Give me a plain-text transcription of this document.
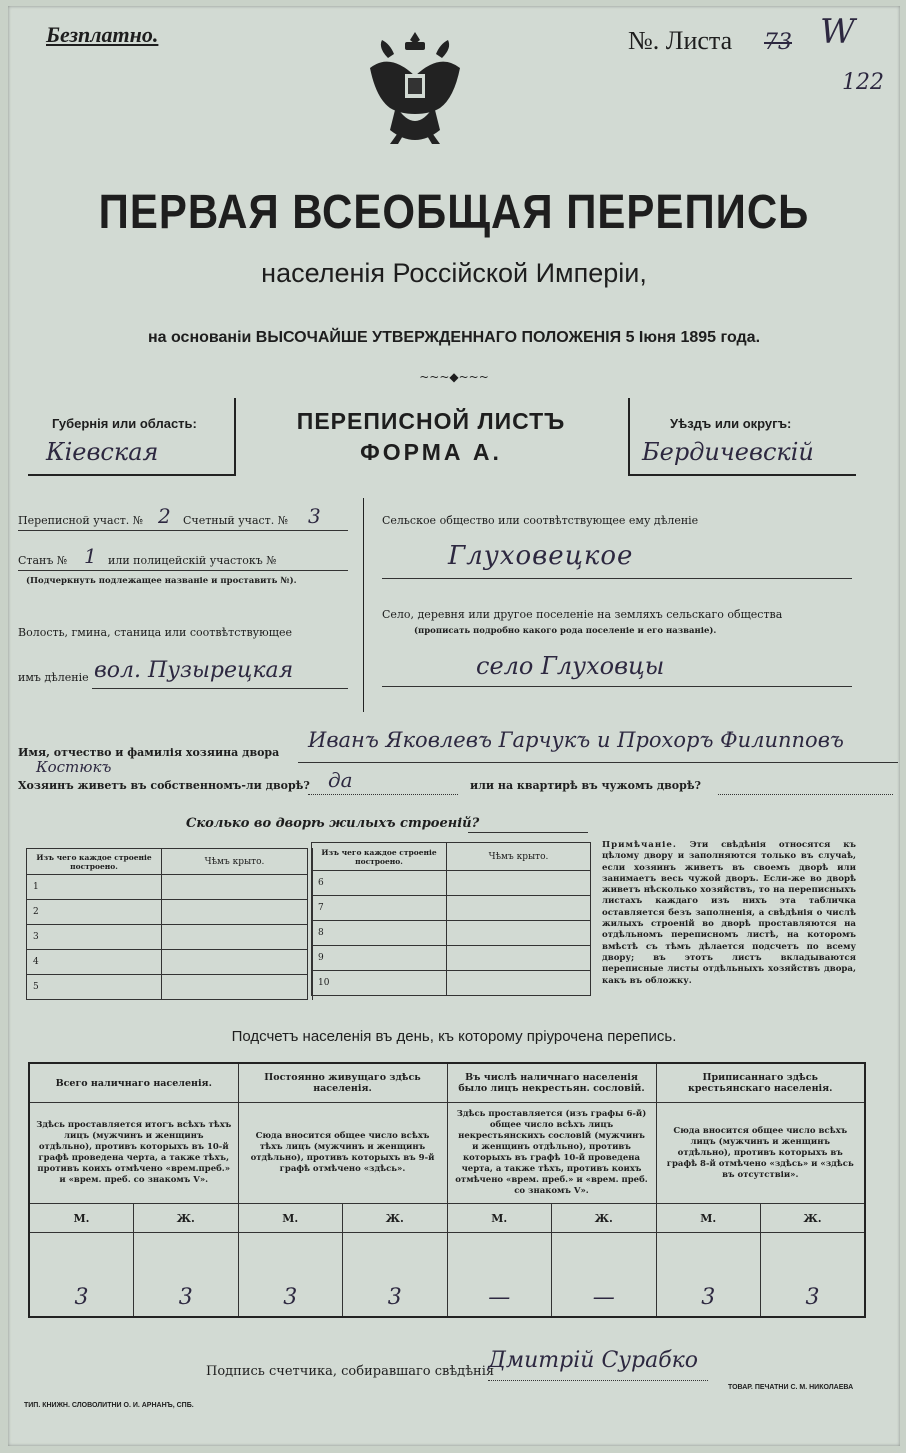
Безплатно.	№. Листа 73 W
122
ПЕРВАЯ ВСЕОБЩАЯ ПЕРЕПИСЬ
населенія Россійской Имперіи,
на основаніи ВЫСОЧАЙШЕ УТВЕРЖДЕННАГО ПОЛОЖЕНІЯ 5 Іюня 1895 года.
~~~◆~~~
Губернія или область:
Кіевская
ПЕРЕПИСНОЙ ЛИСТЪ
ФОРМА А.
Уѣздъ или округъ:
Бердичевскій
Переписной участ. № 2 Счетный участ. № 3
Станъ № 1 или полицейскій участокъ №
(Подчеркнуть подлежащее названіе и проставить №).
Волость, гмина, станица или соотвѣтствующее
имъ дѣленіе вол. Пузырецкая
Сельское общество или соотвѣтствующее ему дѣленіе
Глуховецкое
Село, деревня или другое поселеніе на земляхъ сельскаго общества
(прописать подробно какого рода поселеніе и его названіе).
село Глуховцы
Имя, отчество и фамилія хозяина двора
Иванъ Яковлевъ Гарчукъ и Прохоръ Филипповъ
Костюкъ
Хозяинъ живетъ въ собственномъ-ли дворѣ? да	или на квартирѣ въ чужомъ дворѣ?
Сколько во дворѣ жилыхъ строеній?
Изъ чего каждое строеніе построено.	Чѣмъ крыто.
1	
2	
3	
4	
5	
Изъ чего каждое строеніе построено.	Чѣмъ крыто.
6	
7	
8	
9	
10	
Примѣчаніе. Эти свѣдѣнія относятся къ цѣлому двору и заполняются только въ случаѣ, если хозяинъ живетъ въ своемъ дворѣ или занимаетъ весь чужой дворъ. Если-же во дворѣ живетъ нѣсколько хозяйствъ, то на переписныхъ листахъ каждаго изъ нихъ эта табличка оставляется безъ заполненія, а свѣдѣнія о числѣ жилыхъ строеній во дворѣ проставляются на отдѣльномъ переписномъ листѣ, на которомъ вмѣстѣ съ тѣмъ дѣлается подсчетъ по всему двору; въ этотъ листъ вкладываются переписные листы отдѣльныхъ хозяйствъ двора, какъ въ обложку.
Подсчетъ населенія въ день, къ которому пріурочена перепись.
Всего наличнаго населенія.		Постоянно живущаго здѣсь населенія.		Въ числѣ наличнаго населенія было лицъ некрестьян. сословій.		Приписаннаго здѣсь крестьянскаго населенія.	
Здѣсь проставляется итогъ всѣхъ тѣхъ лицъ (мужчинъ и женщинъ отдѣльно), противъ которыхъ въ 10-й графѣ проведена черта, а также тѣхъ, противъ коихъ отмѣчено «врем.преб.» и «врем. преб. со знакомъ V».		Сюда вносится общее число всѣхъ тѣхъ лицъ (мужчинъ и женщинъ отдѣльно), противъ которыхъ въ 9-й графѣ отмѣчено «здѣсь».		Здѣсь проставляется (изъ графы 6-й) общее число всѣхъ лицъ некрестьянскихъ сословій (мужчинъ и женщинъ отдѣльно), противъ которыхъ въ графѣ 10-й проведена черта, а также тѣхъ, противъ коихъ отмѣчено «врем. преб.» и «врем. преб. со знакомъ V».		Сюда вносится общее число всѣхъ лицъ (мужчинъ и женщинъ отдѣльно), противъ которыхъ въ графѣ 8-й отмѣчено «здѣсь» и «здѣсь въ отсутствіи».	
М.	Ж.	М.	Ж.	М.	Ж.	М.	Ж.
3	3	3	3	—	—	3	3
Подпись счетчика, собиравшаго свѣдѣнія
Дмитрій Сурабко
ТИП. КНИЖН. СЛОВОЛИТНИ О. И. АРНАНЪ, СПБ.
ТОВАР. ПЕЧАТНИ С. М. НИКОЛАЕВА
